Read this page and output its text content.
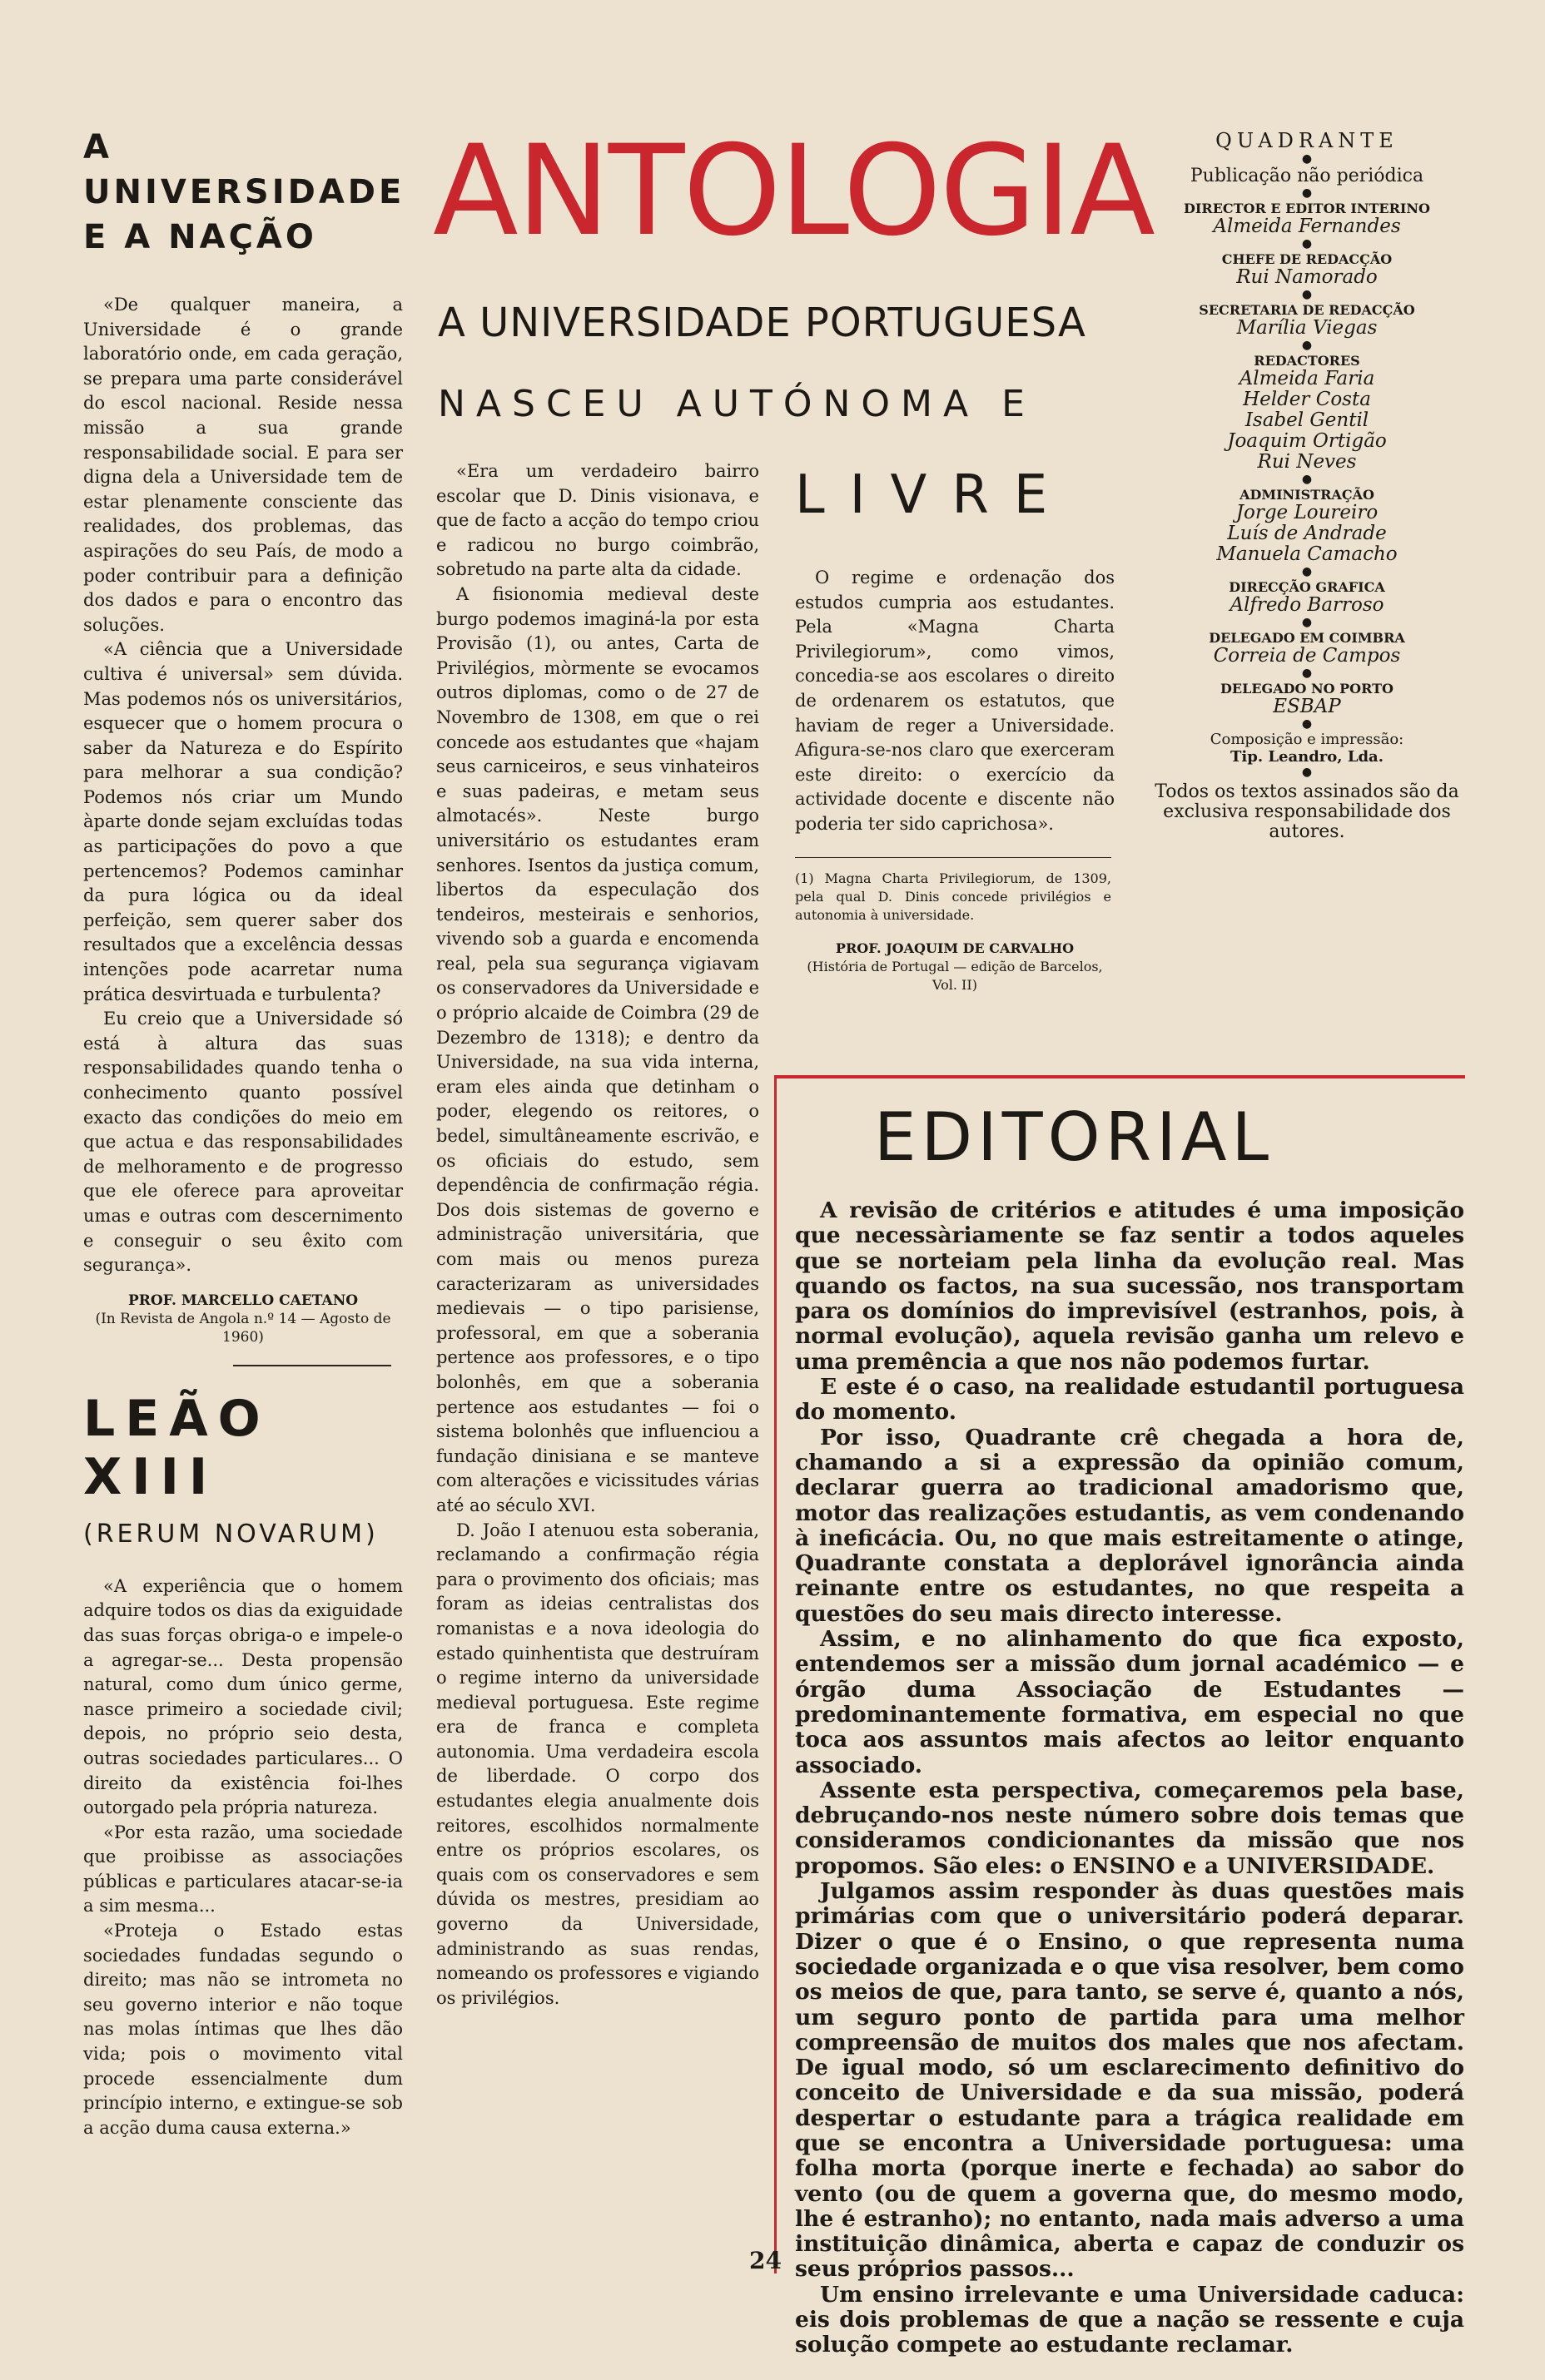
A
UNIVERSIDADE
E A NAÇÃO

«De qualquer maneira, a Universidade é o grande laboratório onde, em cada geração, se prepara uma parte considerável do escol nacional. Reside nessa missão a sua grande responsabilidade social. E para ser digna dela a Universidade tem de estar plenamente consciente das realidades, dos problemas, das aspirações do seu País, de modo a poder contribuir para a definição dos dados e para o encontro das soluções.

«A ciência que a Universidade cultiva é universal» sem dúvida. Mas podemos nós os universitários, esquecer que o homem procura o saber da Natureza e do Espírito para melhorar a sua condição? Podemos nós criar um Mundo àparte donde sejam excluídas todas as participações do povo a que pertencemos? Podemos caminhar da pura lógica ou da ideal perfeição, sem querer saber dos resultados que a excelência dessas intenções pode acarretar numa prática desvirtuada e turbulenta?

Eu creio que a Universidade só está à altura das suas responsabilidades quando tenha o conhecimento quanto possível exacto das condições do meio em que actua e das responsabilidades de melhoramento e de progresso que ele oferece para aproveitar umas e outras com descernimento e conseguir o seu êxito com segurança».

PROF. MARCELLO CAETANO
(In Revista de Angola n.º 14 — Agosto de 1960)
LEÃO XIII
(RERUM NOVARUM)

«A experiência que o homem adquire todos os dias da exiguidade das suas forças obriga-o e impele-o a agregar-se... Desta propensão natural, como dum único germe, nasce primeiro a sociedade civil; depois, no próprio seio desta, outras sociedades particulares... O direito da existência foi-lhes outorgado pela própria natureza.

«Por esta razão, uma sociedade que proibisse as associações públicas e particulares atacar-se-ia a sim mesma...

«Proteja o Estado estas sociedades fundadas segundo o direito; mas não se intrometa no seu governo interior e não toque nas molas íntimas que lhes dão vida; pois o movimento vital procede essencialmente dum princípio interno, e extingue-se sob a acção duma causa externa.»

ANTOLOGIA
A UNIVERSIDADE PORTUGUESA
NASCEU AUTÓNOMA E
LIVRE

«Era um verdadeiro bairro escolar que D. Dinis visionava, e que de facto a acção do tempo criou e radicou no burgo coimbrão, sobretudo na parte alta da cidade.

A fisionomia medieval deste burgo podemos imaginá-la por esta Provisão (1), ou antes, Carta de Privilégios, mòrmente se evocamos outros diplomas, como o de 27 de Novembro de 1308, em que o rei concede aos estudantes que «hajam seus carniceiros, e seus vinhateiros e suas padeiras, e metam seus almotacés». Neste burgo universitário os estudantes eram senhores. Isentos da justiça comum, libertos da especulação dos tendeiros, mesteirais e senhorios, vivendo sob a guarda e encomenda real, pela sua segurança vigiavam os conservadores da Universidade e o próprio alcaide de Coimbra (29 de Dezembro de 1318); e dentro da Universidade, na sua vida interna, eram eles ainda que detinham o poder, elegendo os reitores, o bedel, simultâneamente escrivão, e os oficiais do estudo, sem dependência de confirmação régia. Dos dois sistemas de governo e administração universitária, que com mais ou menos pureza caracterizaram as universidades medievais — o tipo parisiense, professoral, em que a soberania pertence aos professores, e o tipo bolonhês, em que a soberania pertence aos estudantes — foi o sistema bolonhês que influenciou a fundação dinisiana e se manteve com alterações e vicissitudes várias até ao século XVI.

D. João I atenuou esta soberania, reclamando a confirmação régia para o provimento dos oficiais; mas foram as ideias centralistas dos romanistas e a nova ideologia do estado quinhentista que destruíram o regime interno da universidade medieval portuguesa. Este regime era de franca e completa autonomia. Uma verdadeira escola de liberdade. O corpo dos estudantes elegia anualmente dois reitores, escolhidos normalmente entre os próprios escolares, os quais com os conservadores e sem dúvida os mestres, presidiam ao governo da Universidade, administrando as suas rendas, nomeando os professores e vigiando os privilégios.

O regime e ordenação dos estudos cumpria aos estudantes. Pela «Magna Charta Privilegiorum», como vimos, concedia-se aos escolares o direito de ordenarem os estatutos, que haviam de reger a Universidade. Afigura-se-nos claro que exerceram este direito: o exercício da actividade docente e discente não poderia ter sido caprichosa».

(1) Magna Charta Privilegiorum, de 1309, pela qual D. Dinis concede privilégios e autonomia à universidade.
PROF. JOAQUIM DE CARVALHO
(História de Portugal — edição de Barcelos, Vol. II)
QUADRANTE
●
Publicação não periódica
●
DIRECTOR E EDITOR INTERINO
Almeida Fernandes
●
CHEFE DE REDACÇÃO
Rui Namorado
●
SECRETARIA DE REDACÇÃO
Marília Viegas
●
REDACTORES
Almeida Faria
Helder Costa
Isabel Gentil
Joaquim Ortigão
Rui Neves
●
ADMINISTRAÇÃO
Jorge Loureiro
Luís de Andrade
Manuela Camacho
●
DIRECÇÃO GRAFICA
Alfredo Barroso
●
DELEGADO EM COIMBRA
Correia de Campos
●
DELEGADO NO PORTO
ESBAP
●
Composição e impressão:
Tip. Leandro, Lda.
●
Todos os textos assinados são da exclusiva responsabilidade dos autores.
EDITORIAL

A revisão de critérios e atitudes é uma imposição que necessàriamente se faz sentir a todos aqueles que se norteiam pela linha da evolução real. Mas quando os factos, na sua sucessão, nos transportam para os domínios do imprevisível (estranhos, pois, à normal evolução), aquela revisão ganha um relevo e uma premência a que nos não podemos furtar.

E este é o caso, na realidade estudantil portuguesa do momento.

Por isso, Quadrante crê chegada a hora de, chamando a si a expressão da opinião comum, declarar guerra ao tradicional amadorismo que, motor das realizações estudantis, as vem condenando à ineficácia. Ou, no que mais estreitamente o atinge, Quadrante constata a deplorável ignorância ainda reinante entre os estudantes, no que respeita a questões do seu mais directo interesse.

Assim, e no alinhamento do que fica exposto, entendemos ser a missão dum jornal académico — e órgão duma Associação de Estudantes — predominantemente formativa, em especial no que toca aos assuntos mais afectos ao leitor enquanto associado.

Assente esta perspectiva, começaremos pela base, debruçando-nos neste número sobre dois temas que consideramos condicionantes da missão que nos propomos. São eles: o ENSINO e a UNIVERSIDADE.

Julgamos assim responder às duas questões mais primárias com que o universitário poderá deparar. Dizer o que é o Ensino, o que representa numa sociedade organizada e o que visa resolver, bem como os meios de que, para tanto, se serve é, quanto a nós, um seguro ponto de partida para uma melhor compreensão de muitos dos males que nos afectam. De igual modo, só um esclarecimento definitivo do conceito de Universidade e da sua missão, poderá despertar o estudante para a trágica realidade em que se encontra a Universidade portuguesa: uma folha morta (porque inerte e fechada) ao sabor do vento (ou de quem a governa que, do mesmo modo, lhe é estranho); no entanto, nada mais adverso a uma instituição dinâmica, aberta e capaz de conduzir os seus próprios passos...

Um ensino irrelevante e uma Universidade caduca: eis dois problemas de que a nação se ressente e cuja solução compete ao estudante reclamar.

24
